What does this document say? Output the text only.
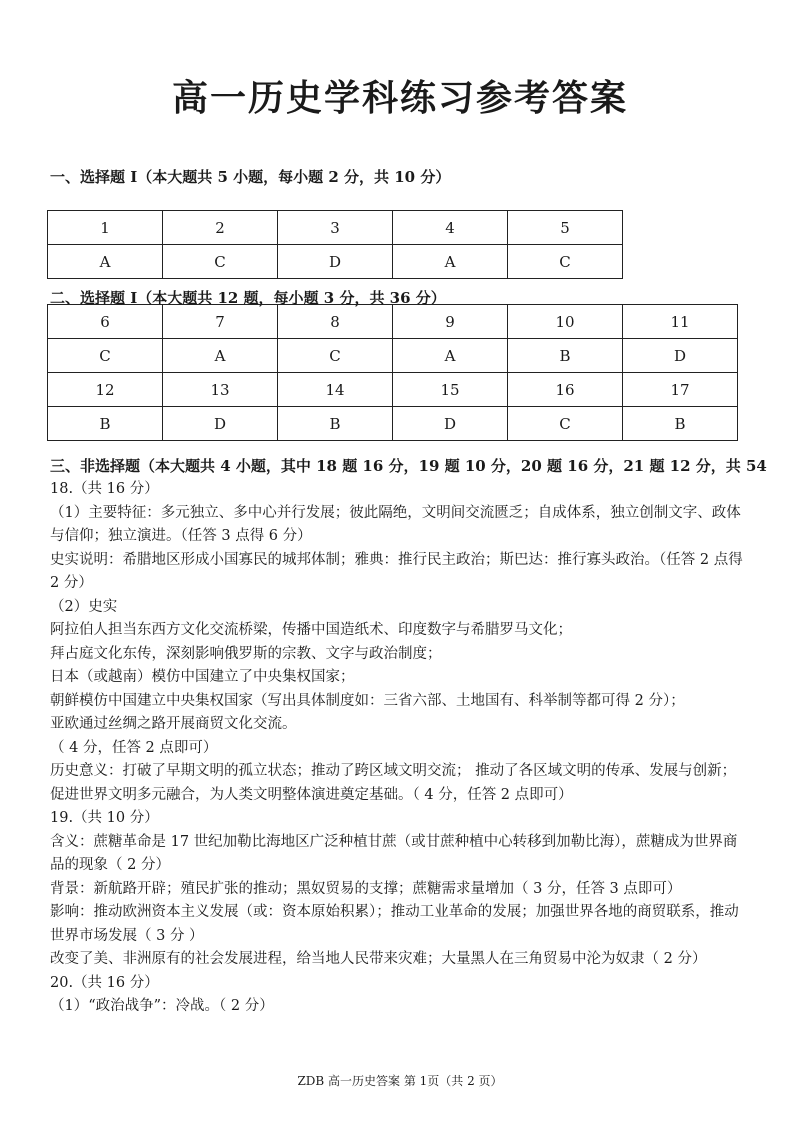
高一历史学科练习参考答案
一、选择题 I（本大题共 5 小题，每小题 2 分，共 10 分）
1	2	3	4	5
A	C	D	A	C
二、选择题 I（本大题共 12 题，每小题 3 分，共 36 分）
6	7	8	9	10	11
C	A	C	A	B	D
12	13	14	15	16	17
B	D	B	D	C	B
三、非选择题（本大题共 4 小题，其中 18 题 16 分，19 题 10 分，20 题 16 分，21 题 12 分，共 54

18.（共 16 分）

（1）主要特征：多元独立、多中心并行发展；彼此隔绝，文明间交流匮乏；自成体系，独立创制文字、政体与信仰；独立演进。（任答 3 点得 6 分）

史实说明：希腊地区形成小国寡民的城邦体制；雅典：推行民主政治；斯巴达：推行寡头政治。（任答 2 点得 2 分）

（2）史实

阿拉伯人担当东西方文化交流桥梁，传播中国造纸术、印度数字与希腊罗马文化；

拜占庭文化东传，深刻影响俄罗斯的宗教、文字与政治制度；

日本（或越南）模仿中国建立了中央集权国家；

朝鲜模仿中国建立中央集权国家（写出具体制度如：三省六部、土地国有、科举制等都可得 2 分）；

亚欧通过丝绸之路开展商贸文化交流。

（ 4 分，任答 2 点即可）

历史意义：打破了早期文明的孤立状态；推动了跨区域文明交流； 推动了各区域文明的传承、发展与创新；促进世界文明多元融合，为人类文明整体演进奠定基础。（ 4 分，任答 2 点即可）

19.（共 10 分）

含义：蔗糖革命是 17 世纪加勒比海地区广泛种植甘蔗（或甘蔗种植中心转移到加勒比海），蔗糖成为世界商品的现象（ 2 分）

背景：新航路开辟；殖民扩张的推动；黑奴贸易的支撑；蔗糖需求量增加（ 3 分，任答 3 点即可）

影响：推动欧洲资本主义发展（或：资本原始积累）；推动工业革命的发展；加强世界各地的商贸联系，推动世界市场发展（ 3 分 ）

改变了美、非洲原有的社会发展进程，给当地人民带来灾难；大量黑人在三角贸易中沦为奴隶（ 2 分）

20.（共 16 分）

（1）“政治战争”：冷战。（ 2 分）

ZDB 高一历史答案 第 1页（共 2 页）
